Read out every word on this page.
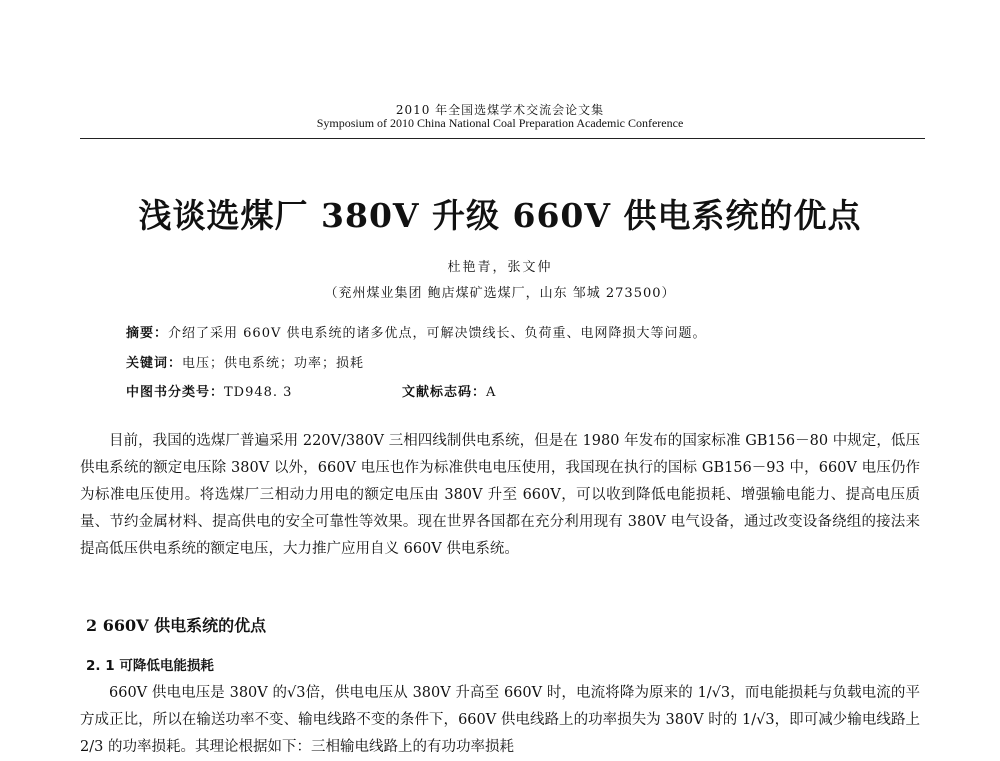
2010 年全国选煤学术交流会论文集
Symposium of 2010 China National Coal Preparation Academic Conference
浅谈选煤厂 380V 升级 660V 供电系统的优点
杜艳青，张文仲
（兖州煤业集团 鲍店煤矿选煤厂，山东 邹城 273500）
摘要：介绍了采用 660V 供电系统的诸多优点，可解决馈线长、负荷重、电网降损大等问题。
关键词：电压；供电系统；功率；损耗
中图书分类号：TD948. 3	文献标志码：A
目前，我国的选煤厂普遍采用 220V/380V 三相四线制供电系统，但是在 1980 年发布的国家标准 GB156－80 中规定，低压供电系统的额定电压除 380V 以外，660V 电压也作为标准供电电压使用，我国现在执行的国标 GB156－93 中，660V 电压仍作为标准电压使用。将选煤厂三相动力用电的额定电压由 380V 升至 660V，可以收到降低电能损耗、增强输电能力、提高电压质量、节约金属材料、提高供电的安全可靠性等效果。现在世界各国都在充分利用现有 380V 电气设备，通过改变设备绕组的接法来提高低压供电系统的额定电压，大力推广应用自义 660V 供电系统。
2 660V 供电系统的优点
2. 1 可降低电能损耗
660V 供电电压是 380V 的√3倍，供电电压从 380V 升高至 660V 时，电流将降为原来的 1/√3，而电能损耗与负载电流的平方成正比，所以在输送功率不变、输电线路不变的条件下，660V 供电线路上的功率损失为 380V 时的 1/√3，即可减少输电线路上 2/3 的功率损耗。其理论根据如下：三相输电线路上的有功功率损耗
